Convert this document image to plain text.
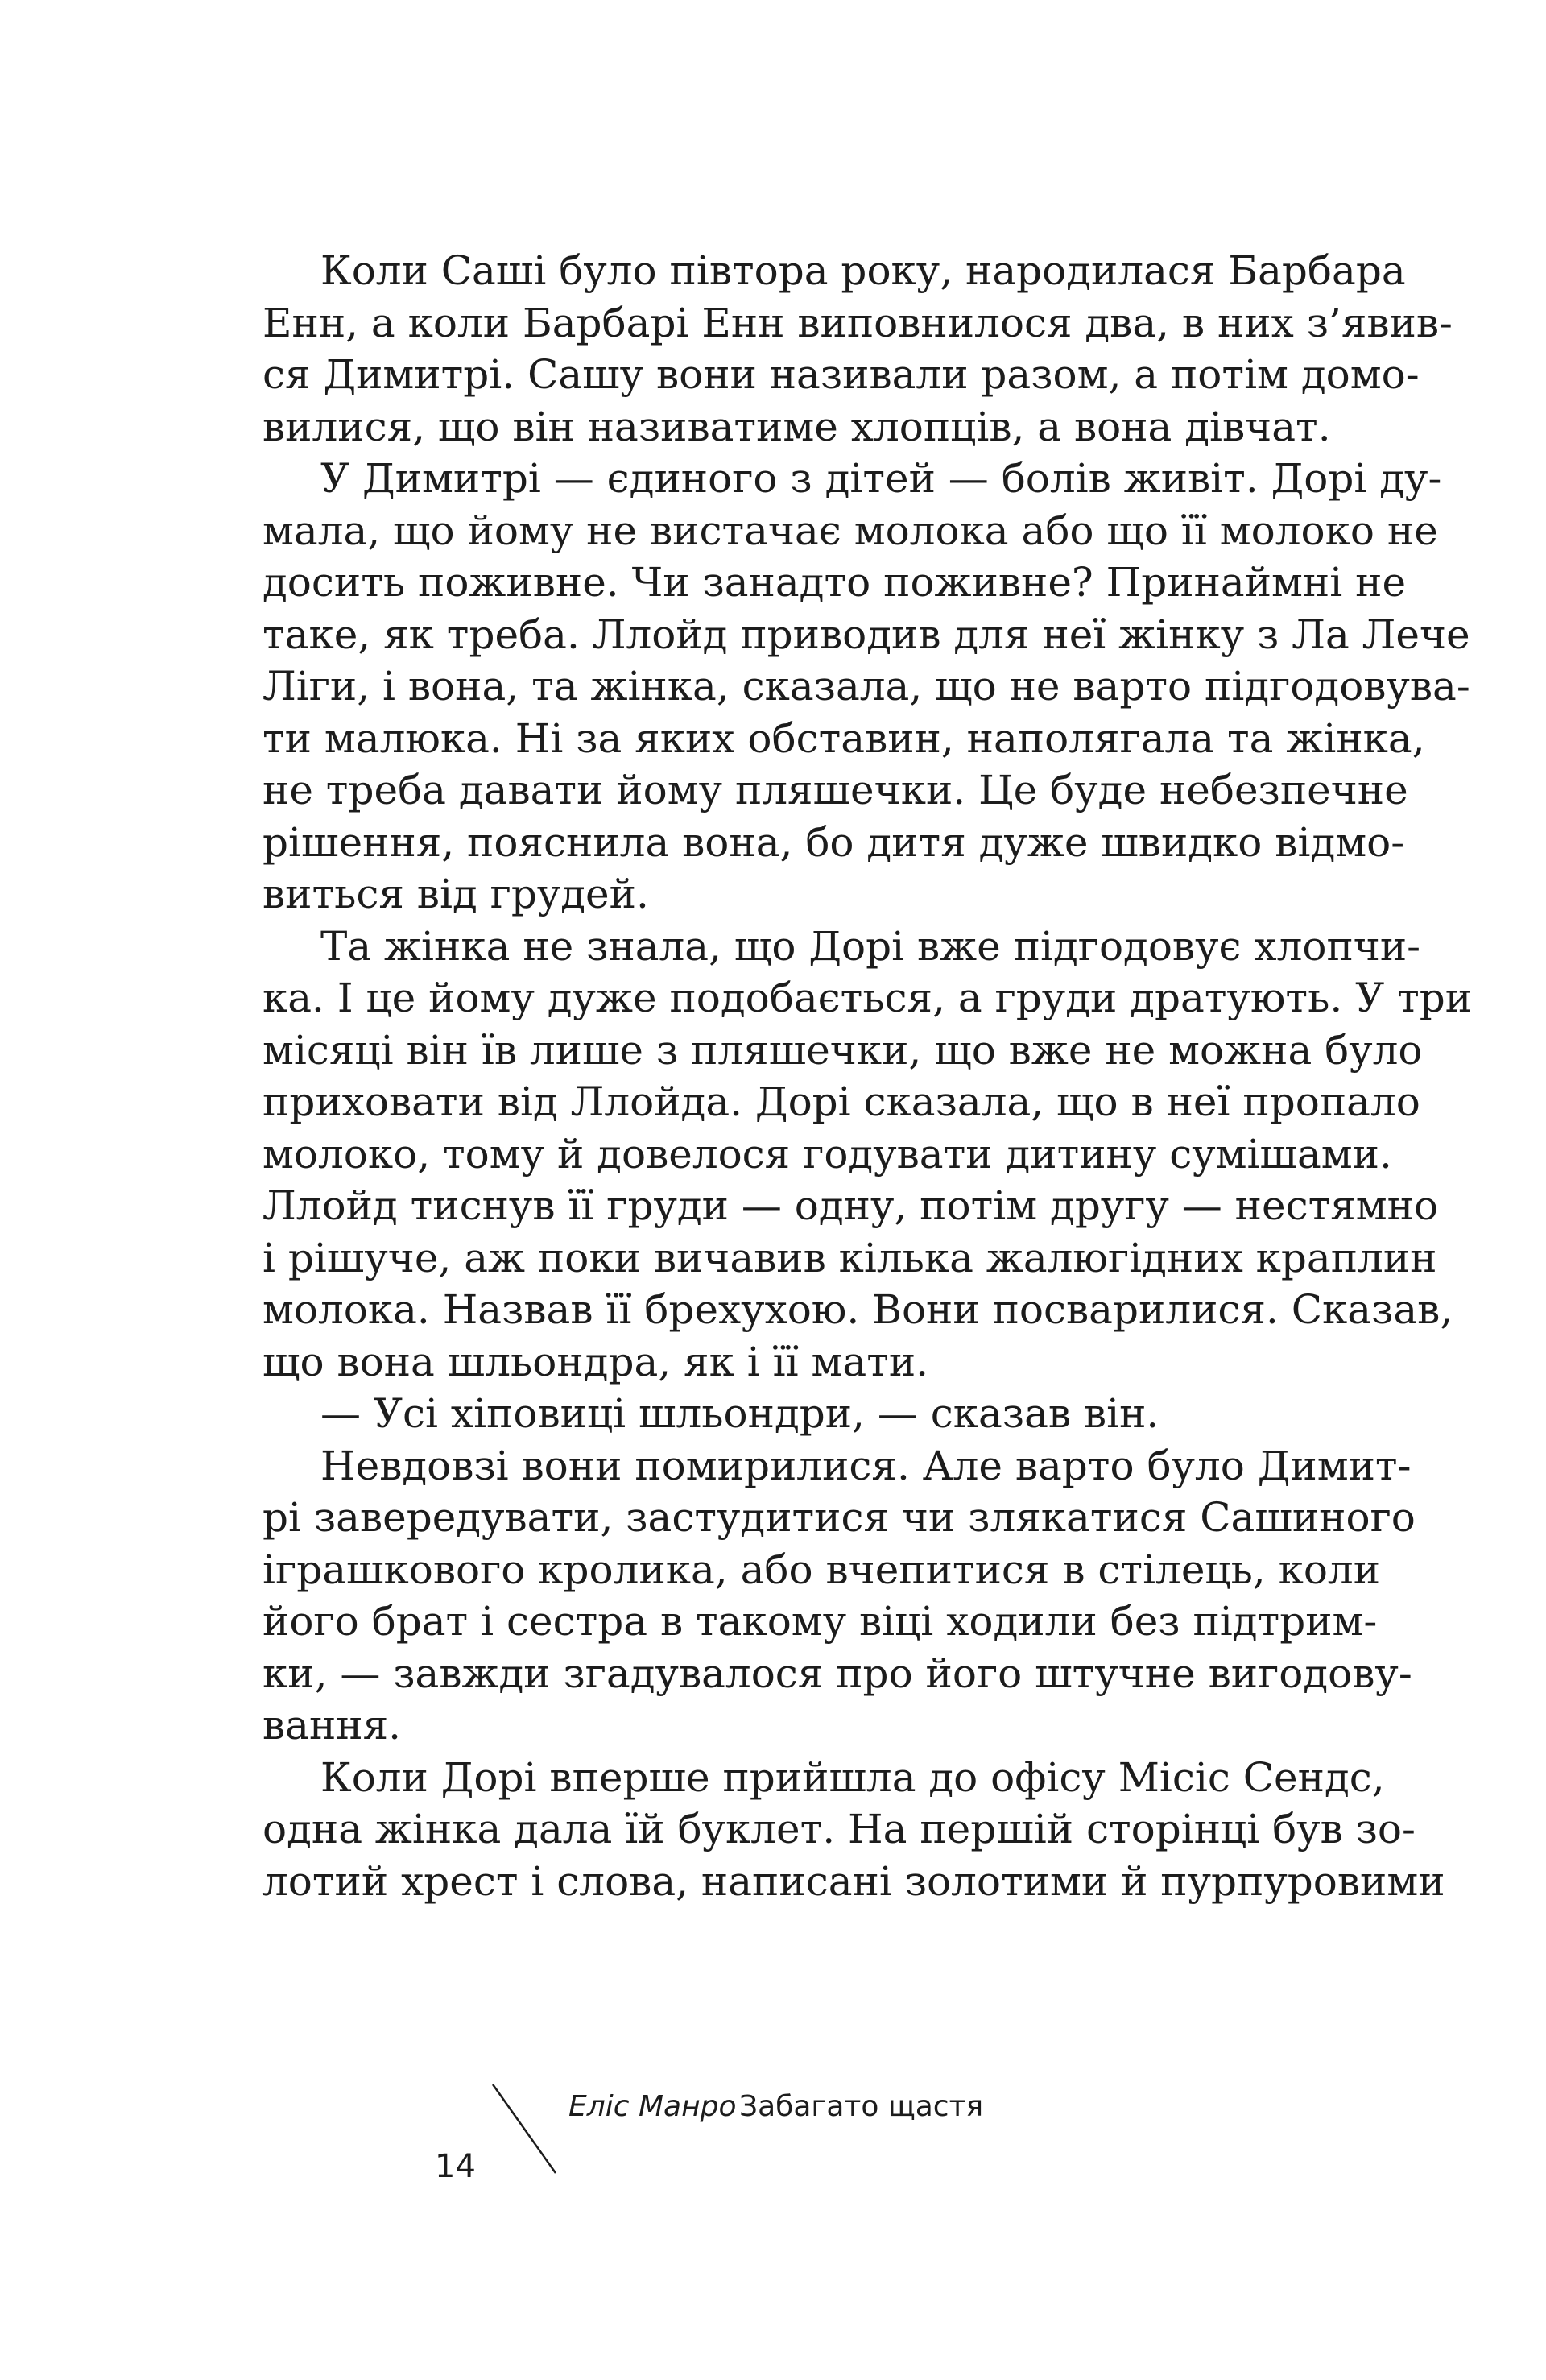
Коли Саші було півтора року, народилася Барбара
Енн, а коли Барбарі Енн виповнилося два, в них з’явив-
ся Димитрі. Сашу вони називали разом, а потім домо-
вилися, що він називатиме хлопців, а вона дівчат.
У Димитрі — єдиного з дітей — болів живіт. Дорі ду-
мала, що йому не вистачає молока або що її молоко не
досить поживне. Чи занадто поживне? Принаймні не
таке, як треба. Ллойд приводив для неї жінку з Ла Лече
Ліги, і вона, та жінка, сказала, що не варто підгодовува-
ти малюка. Ні за яких обставин, наполягала та жінка,
не треба давати йому пляшечки. Це буде небезпечне
рішення, пояснила вона, бо дитя дуже швидко відмо-
виться від грудей.
Та жінка не знала, що Дорі вже підгодовує хлопчи-
ка. І це йому дуже подобається, а груди дратують. У три
місяці він їв лише з пляшечки, що вже не можна було
приховати від Ллойда. Дорі сказала, що в неї пропало
молоко, тому й довелося годувати дитину сумішами.
Ллойд тиснув її груди — одну, потім другу — нестямно
і рішуче, аж поки вичавив кілька жалюгідних краплин
молока. Назвав її брехухою. Вони посварилися. Сказав,
що вона шльондра, як і її мати.
— Усі хіповиці шльондри, — сказав він.
Невдовзі вони помирилися. Але варто було Димит-
рі завередувати, застудитися чи злякатися Сашиного
іграшкового кролика, або вчепитися в стілець, коли
його брат і сестра в такому віці ходили без підтрим-
ки, — завжди згадувалося про його штучне вигодову-
вання.
Коли Дорі вперше прийшла до офісу Місіс Сендс,
одна жінка дала їй буклет. На першій сторінці був зо-
лотий хрест і слова, написані золотими й пурпуровими
Еліс Манро Забагато щастя
14
